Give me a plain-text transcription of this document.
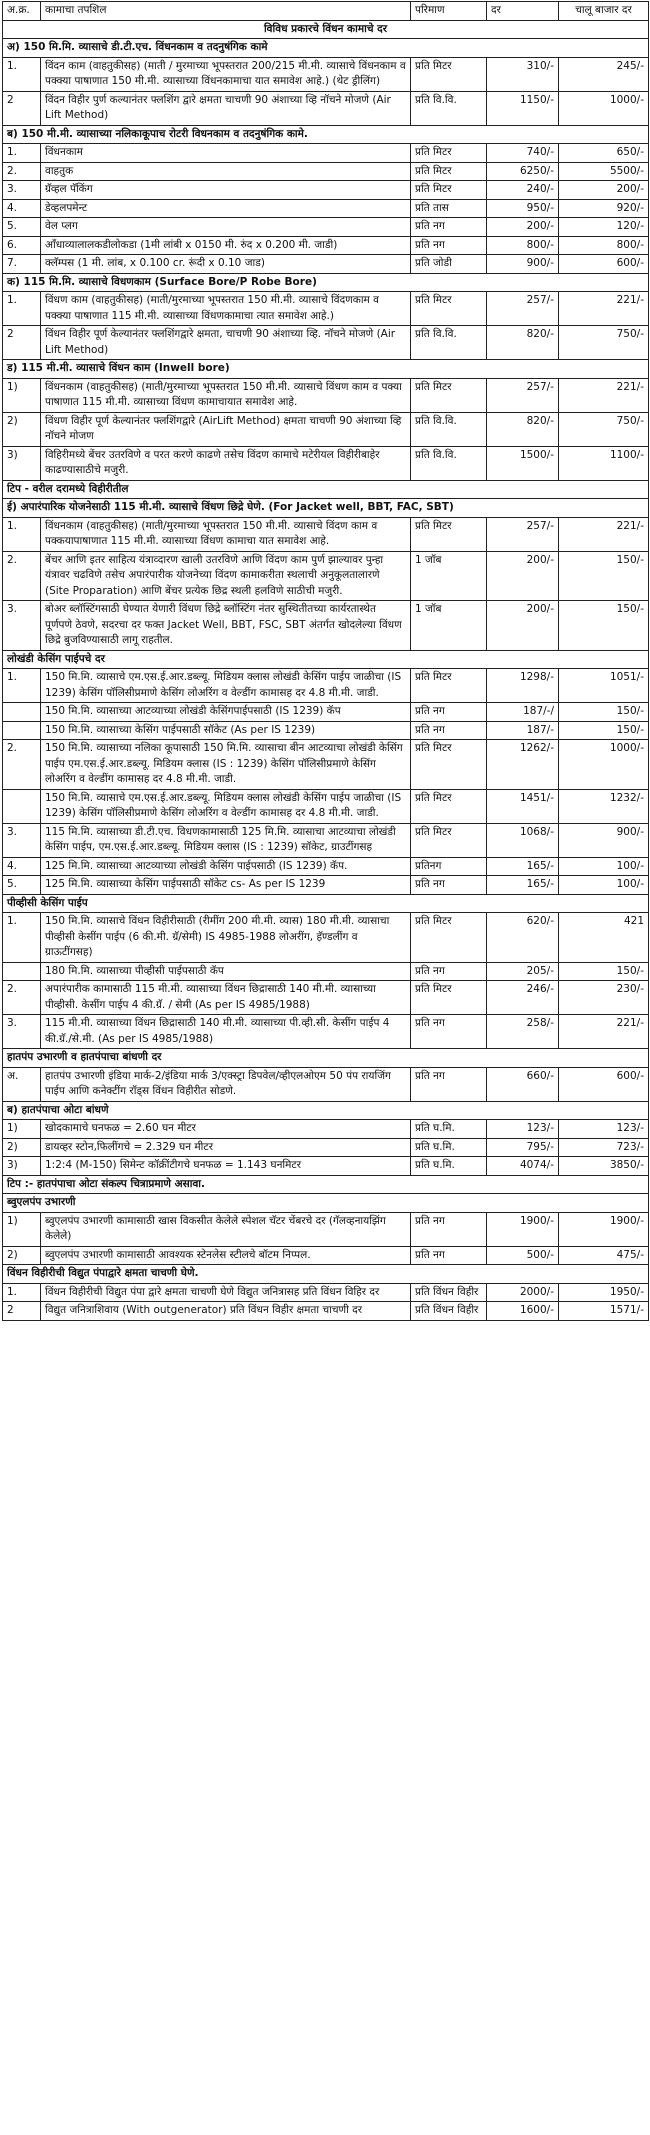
अ.क्र.	कामाचा तपशिल	परिमाण	दर	चालू बाजार दर
विविध प्रकारचे विंधन कामाचे दर				
अ) 150 मि.मि. व्यासाचे डी.टी.एच. विंधनकाम व तदनुषंगिक कामे				
1.	विंदन काम (वाहतुकीसह) (माती / मुरमाच्या भूपस्तरात 200/215 मी.मी. व्यासाचे विंधनकाम व पक्क्या पाषाणात 150 मी.मी. व्यासाच्या विंधनकामाचा यात समावेश आहे.) (थेट ड्रीलिंग)	प्रति मिटर	310/-	245/-
2	विंदन विहीर पुर्ण कल्यानंतर फ्लशिंग द्वारे क्षमता चाचणी 90 अंशाच्या व्हि नॉचने मोजणे (Air Lift Method)	प्रति वि.वि.	1150/-	1000/-
ब) 150 मी.मी. व्यासाच्या नलिकाकूपाच रोटरी विधनकाम व तदनुषंगिक कामे.				
1.	विंधनकाम	प्रति मिटर	740/-	650/-
2.	वाहतुक	प्रति मिटर	6250/-	5500/-
3.	ग्रॅव्हल पॅकिंग	प्रति मिटर	240/-	200/-
4.	डेव्हलपमेन्ट	प्रति तास	950/-	920/-
5.	वेल प्लग	प्रति नग	200/-	120/-
6.	आँधाव्यालालकडीलोकडा (1मी लांबी x 0150 मी. रुंद x 0.200 मी. जाडी)	प्रति नग	800/-	800/-
7.	क्लॅम्पस (1 मी. लांब, x 0.100 cr. रूंदी x 0.10 जाड)	प्रति जोडी	900/-	600/-
क) 115 मि.मि. व्यासाचे विधणकाम (Surface Bore/P Robe Bore)				
1.	विंधण काम (वाहतुकीसह) (माती/मुरमाच्या भूपस्तरात 150 मी.मी. व्यासाचे विंदणकाम व पक्क्या पाषाणात 115 मी.मी. व्यासाच्या विंधणकामाचा त्यात समावेश आहे.)	प्रति मिटर	257/-	221/-
2	विंधन विहीर पूर्ण केल्यानंतर फ्लशिंगद्वारे क्षमता, चाचणी 90 अंशाच्या व्हि. नॉचने मोजणे (Air Lift Method)	प्रति वि.वि.	820/-	750/-
ड) 115 मी.मी. व्यासाचे विंधन काम (Inwell bore)				
1)	विंधनकाम (वाहतुकीसह) (माती/मुरमाच्या भूपस्तरात 150 मी.मी. व्यासाचे विंधण काम व पक्या पाषाणात 115 मी.मी. व्यासाच्या विंधण कामाचायात समावेश आहे.	प्रति मिटर	257/-	221/-
2)	विंधण विहीर पूर्ण केल्यानंतर फ्लशिंगद्वारे (AirLift Method) क्षमता चाचणी 90 अंशाच्या व्हि नॉचने मोजण	प्रति वि.वि.	820/-	750/-
3)	विहिरीमध्ये बेंचर उतरविणे व परत करणे काढणे तसेच विंदण कामाचे मटेरीयल विहीरीबाहेर काढण्यासाठीचे मजुरी.	प्रति वि.वि.	1500/-	1100/-
टिप - वरील दरामध्ये विहीरीतील				
ई) अपारंपारिक योजनेसाठी 115 मी.मी. व्यासाचे विंधण छिद्रे घेणे. (For Jacket well, BBT, FAC, SBT)				
1.	विंधनकाम (वाहतुकीसह) (माती/मुरमाच्या भूपस्तरात 150 मी.मी. व्यासाचे विंदण काम व पक्कयापाषाणात 115 मी.मी. व्यासाच्या विंधण कामाचा यात समावेश आहे.	प्रति मिटर	257/-	221/-
2.	बेंचर आणि इतर साहित्य यंत्राव्दारण खाली उतरविणे आणि विंदण काम पुर्ण झाल्यावर पुन्हा यंत्रावर चढविणे तसेच अपारंपारीक योजनेच्या विंदण कामाकरीता स्थलाची अनुकूलतालारणे (Site Proparation) आणि बेंचर प्रत्येक छिद्र स्थली हलविणे साठीची मजुरी.	1 जॉब	200/-	150/-
3.	बोअर ब्लॉस्टिंगसाठी घेण्यात येणारी विंधण छिद्रे ब्लॉस्टिंग नंतर सुस्थितीतच्या कार्यरतास्थेत पूर्णपणे ठेवणे, सदरचा दर फक्त Jacket Well, BBT, FSC, SBT अंतर्गत खोदलेल्या विंधण छिद्रे बुजविण्यासाठी लागू राहतील.	1 जॉब	200/-	150/-
लोखंडी केसिंग पाईपचे दर				
1.	150 मि.मि. व्यासाचे एम.एस.ई.आर.डब्ल्यू. मिडियम क्लास लोखंडी केसिंग पाईप जाळीचा (IS 1239) केसिंग पॉलिसीप्रमाणे केसिंग लोअरिंग व वेल्डींग कामासह दर 4.8 मी.मी. जाडी.	प्रति मिटर	1298/-	1051/-
	150 मि.मि. व्यासाच्या आटव्याच्या लोखंडी केसिंगपाईपसाठी (IS 1239) कॅप	प्रति नग	187/-/	150/-
	150 मि.मि. व्यासाच्या केसिंग पाईपसाठी सॉकेट (As per IS 1239)	प्रति नग	187/-	150/-
2.	150 मि.मि. व्यासाच्या नलिका कूपासाठी 150 मि.मि. व्यासाचा बीन आटव्याचा लोखंडी केसिंग पाईप एम.एस.ई.आर.डब्ल्यू. मिडियम क्लास (IS : 1239) केसिंग पॉलिसीप्रमाणे केसिंग लोअरिंग व वेल्डींग कामासह दर 4.8 मी.मी. जाडी.	प्रति मिटर	1262/-	1000/-
	150 मि.मि. व्यासाचे एम.एस.ई.आर.डब्ल्यू. मिडियम क्लास लोखंडी केसिंग पाईप जाळीचा (IS 1239) केसिंग पॉलिसीप्रमाणे केसिंग लोअरिंग व वेल्डींग कामासह दर 4.8 मी.मी. जाडी.	प्रति मिटर	1451/-	1232/-
3.	115 मि.मि. व्यासाच्या डी.टी.एच. विधणकामासाठी 125 मि.मि. व्यासाचा आटव्याचा लोखंडी केसिंग पाईप, एम.एस.ई.आर.डब्ल्यू. मिडियम क्लास (IS : 1239) सॉकेट, ग्राउटींगसह	प्रति मिटर	1068/-	900/-
4.	125 मि.मि. व्यासाच्या आटव्याच्या लोखंडी केसिंग पाईपसाठी (IS 1239) कॅप.	प्रतिनग	165/-	100/-
5.	125 मि.मि. व्यासाच्या केसिंग पाईपसाठी सॉकेट cs- As per IS 1239	प्रति नग	165/-	100/-
पीव्हीसी केसिंग पाईप				
1.	150 मि.मि. व्यासाचे विंधन विहीरीसाठी (रीमींग 200 मी.मी. व्यास) 180 मी.मी. व्यासाचा पीव्हीसी केसींग पाईप (6 की.मी. ग्रॅ/सेमी) IS 4985-1988 लोअरींग, हॅण्डलींग व ग्राऊटींगसह)	प्रति मिटर	620/-	421
	180 मि.मि. व्यासाच्या पीव्हीसी पाईपसाठी कॅप	प्रति नग	205/-	150/-
2.	अपारंपारीक कामासाठी 115 मी.मी. व्यासाच्या विंधन छिद्रासाठी 140 मी.मी. व्यासाच्या पीव्हीसी. केसींग पाईप 4 की.ग्रॅ. / सेमी (As per IS 4985/1988)	प्रति मिटर	246/-	230/-
3.	115 मी.मी. व्यासाच्या विंधन छिद्रासाठी 140 मी.मी. व्यासाच्या पी.व्ही.सी. केसींग पाईप 4 की.ग्रॅ./से.मी. (As per IS 4985/1988)	प्रति नग	258/-	221/-
हातपंप उभारणी व हातपंपाचा बांधणी दर				
अ.	हातपंप उभारणी इंडिया मार्क-2/इंडिया मार्क 3/एक्स्ट्रा डिपवेल/व्हीएलओएम 50 पंप रायजिंग पाईप आणि कनेक्टींग रॉड्स विंधन विहीरीत सोडणे.	प्रति नग	660/-	600/-
ब) हातपंपाचा ओटा बांधणे				
1)	खोदकामाचे घनफळ = 2.60 घन मीटर	प्रति घ.मि.	123/-	123/-
2)	डायव्हर स्टोन,फिलींगचे = 2.329 घन मीटर	प्रति घ.मि.	795/-	723/-
3)	1:2:4 (M-150) सिमेन्ट कॉक्रींटीगचे घनफळ = 1.143 घनमिटर	प्रति घ.मि.	4074/-	3850/-
टिप :- हातपंपाचा ओटा संकल्प चित्राप्रमाणे असावा.				
ब्वुएलपंप उभारणी				
1)	ब्वुएलपंप उभारणी कामासाठी खास विकसीत केलेले स्पेशल चॅटर चेंबरचे दर (गॅलव्हनायझिंग केलेले)	प्रति नग	1900/-	1900/-
2)	ब्वुएलपंप उभारणी कामासाठी आवश्यक स्टेनलेस स्टीलचे बॉटम निप्पल.	प्रति नग	500/-	475/-
विंधन विहीरीची विद्युत पंपाद्वारे क्षमता चाचणी घेणे.				
1.	विंधन विहीरीची विद्युत पंपा द्वारे क्षमता चाचणी घेणे विद्युत जनित्रासह प्रति विंधन विहिर दर	प्रति विंधन विहीर	2000/-	1950/-
2	विद्युत जनित्राशिवाय (With outgenerator) प्रति विंधन विहीर क्षमता चाचणी दर	प्रति विंधन विहीर	1600/-	1571/-
